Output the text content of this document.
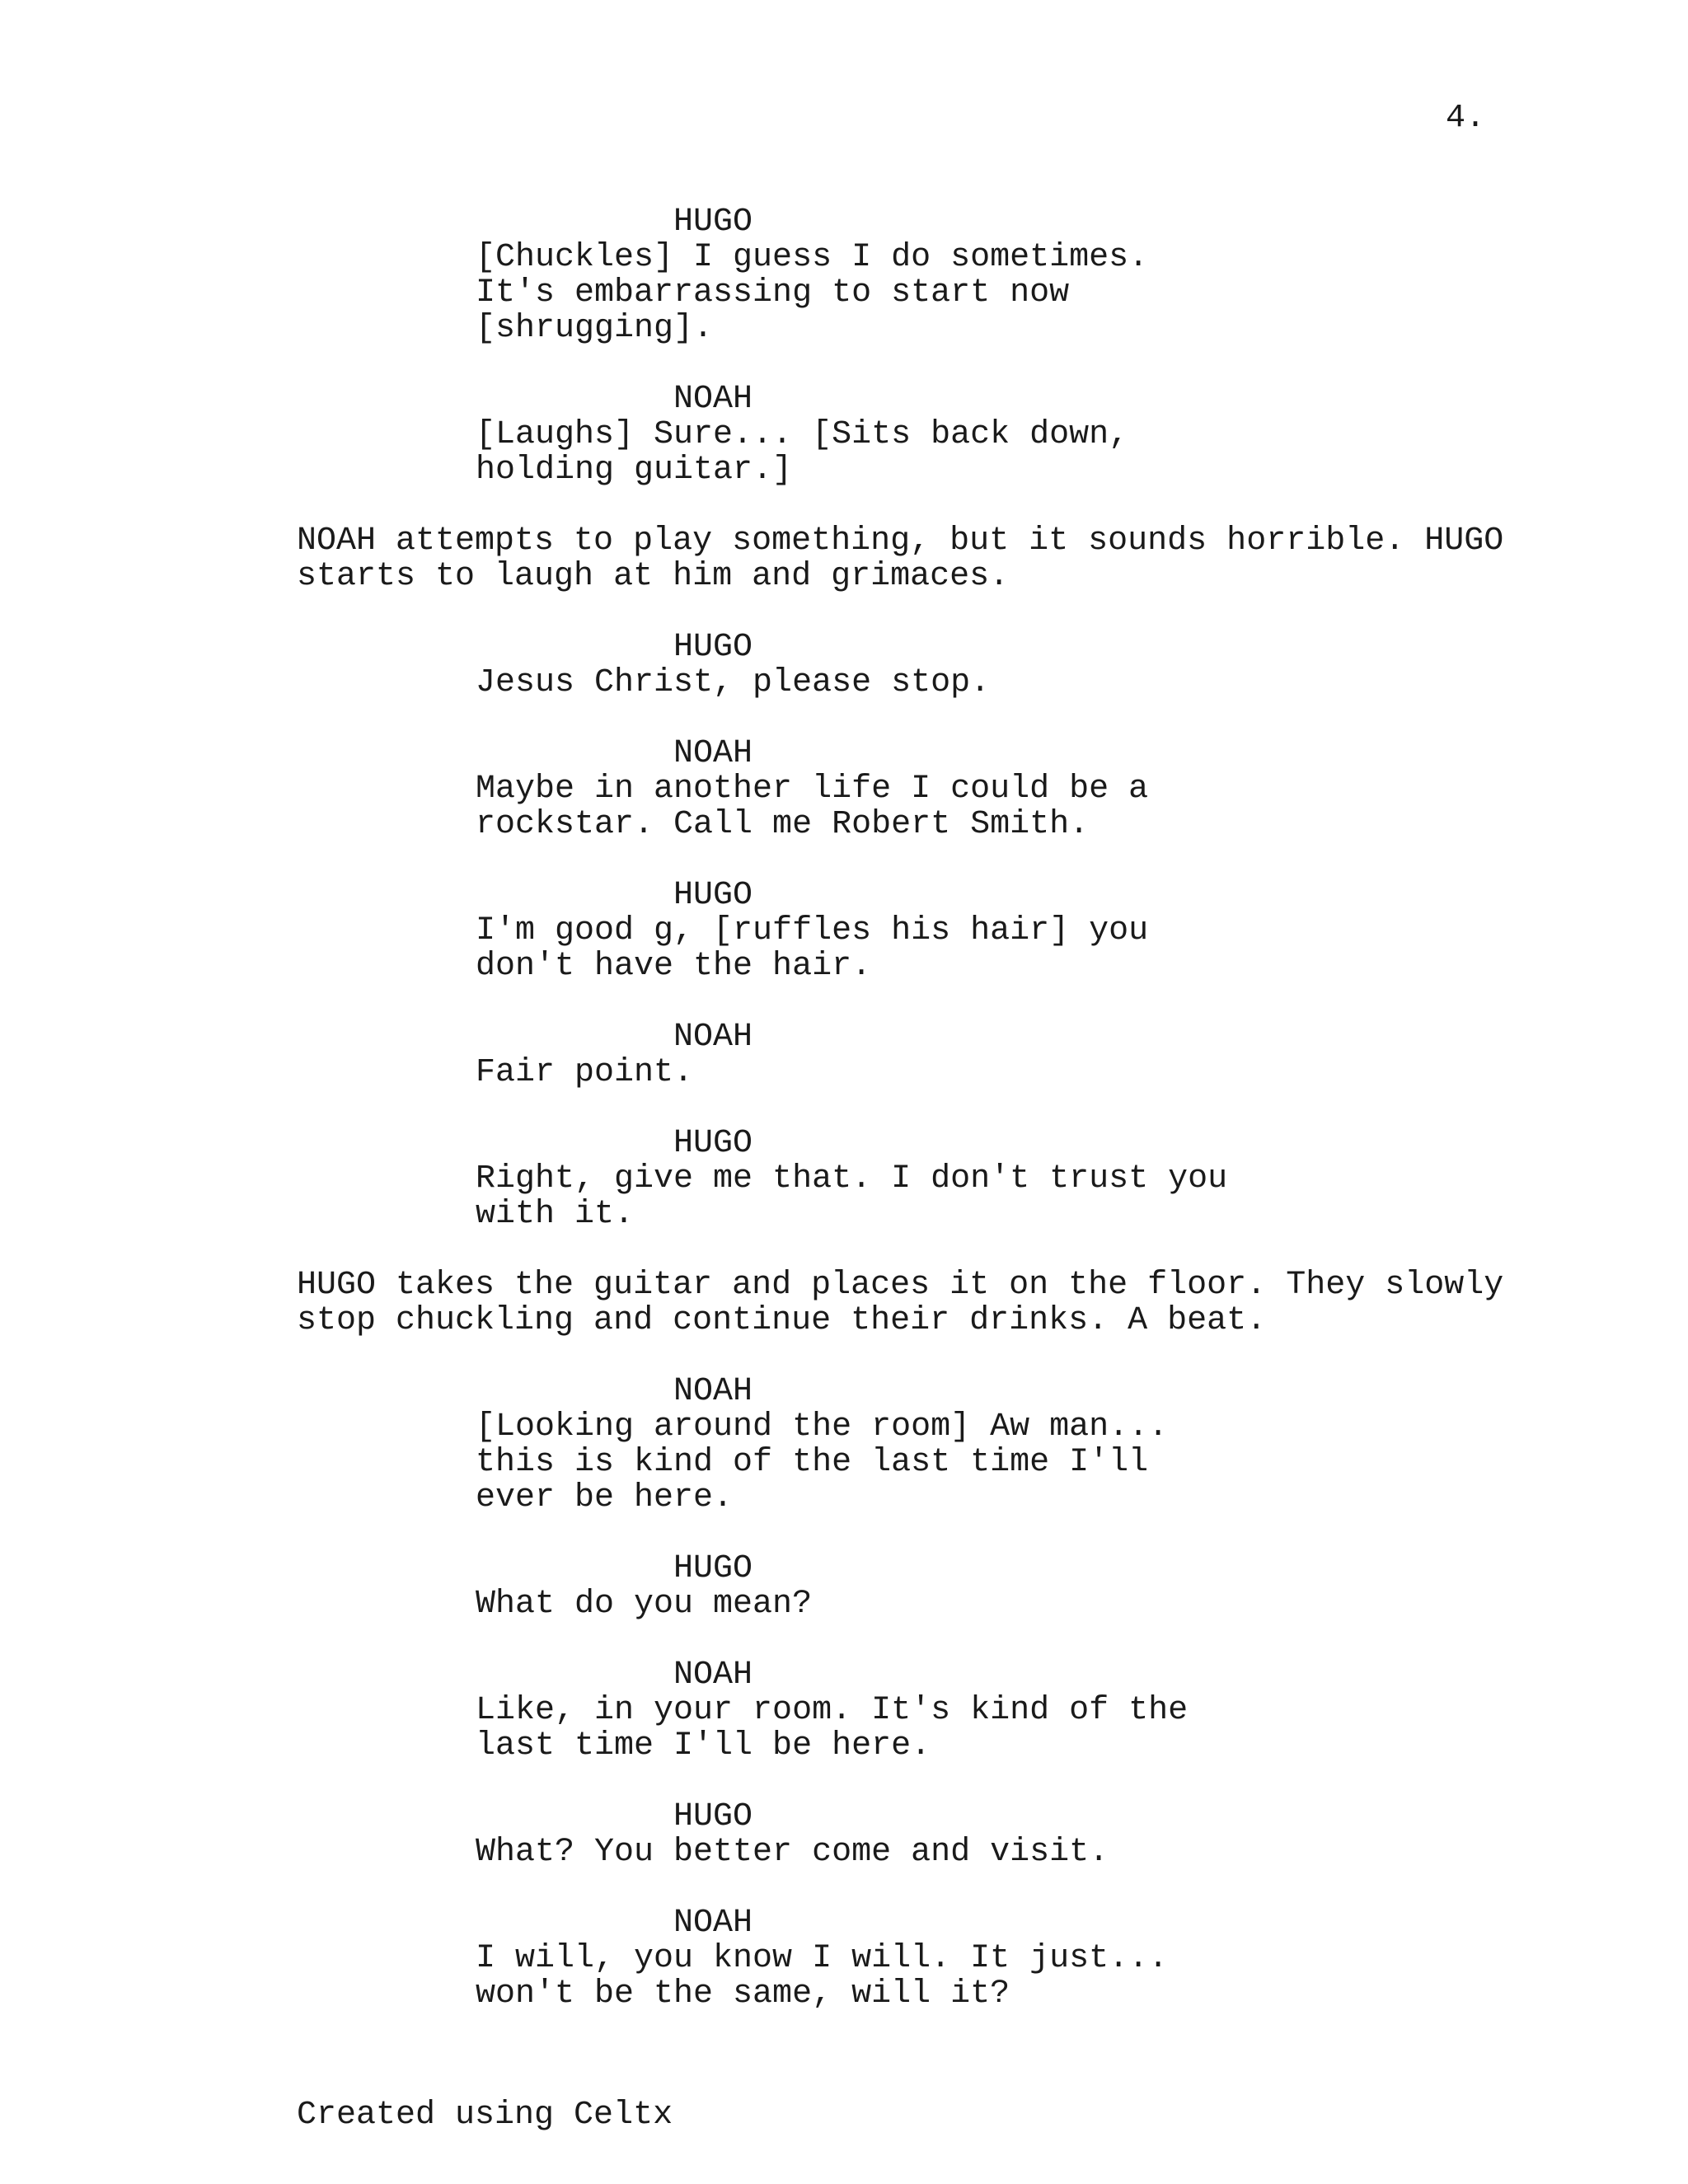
4.
HUGO
[Chuckles] I guess I do sometimes.
It's embarrassing to start now
[shrugging].
NOAH
[Laughs] Sure... [Sits back down,
holding guitar.]
NOAH attempts to play something, but it sounds horrible. HUGO
starts to laugh at him and grimaces.
HUGO
Jesus Christ, please stop.
NOAH
Maybe in another life I could be a
rockstar. Call me Robert Smith.
HUGO
I'm good g, [ruffles his hair] you
don't have the hair.
NOAH
Fair point.
HUGO
Right, give me that. I don't trust you
with it.
HUGO takes the guitar and places it on the floor. They slowly
stop chuckling and continue their drinks. A beat.
NOAH
[Looking around the room] Aw man...
this is kind of the last time I'll
ever be here.
HUGO
What do you mean?
NOAH
Like, in your room. It's kind of the
last time I'll be here.
HUGO
What? You better come and visit.
NOAH
I will, you know I will. It just...
won't be the same, will it?
Created using Celtx
